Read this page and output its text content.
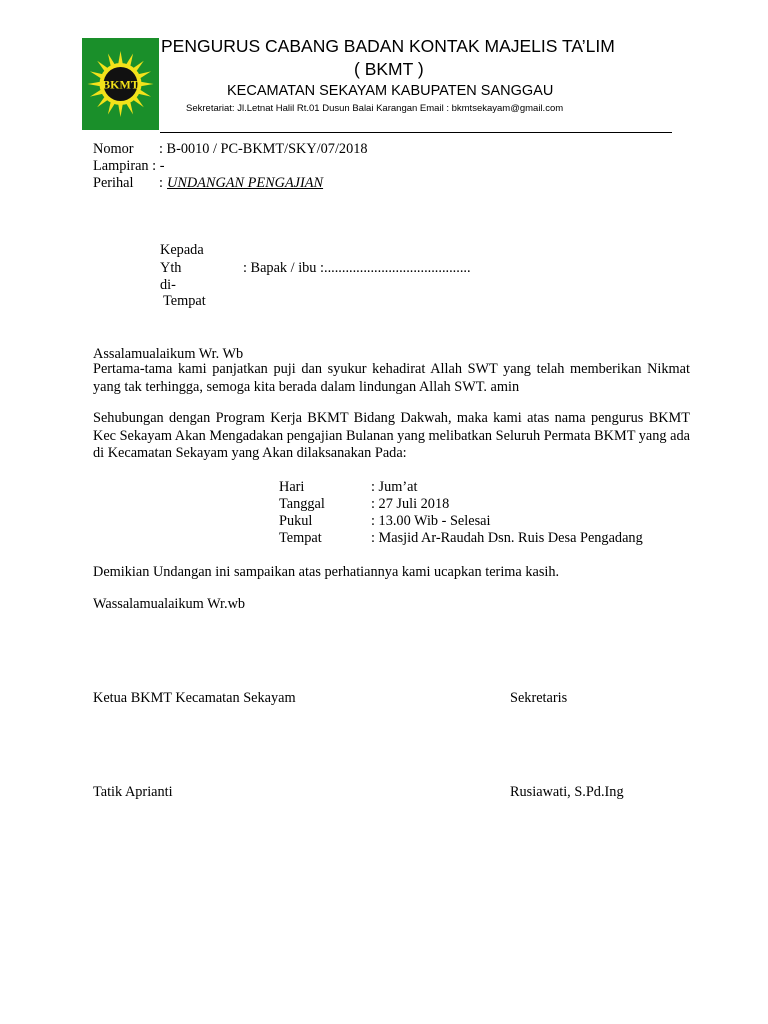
BKMT
PENGURUS CABANG BADAN KONTAK MAJELIS TA’LIM
( BKMT )
KECAMATAN SEKAYAM KABUPATEN SANGGAU
Sekretariat: Jl.Letnat Halil Rt.01 Dusun Balai Karangan Email : bkmtsekayam@gmail.com
Nomor : B-0010 / PC-BKMT/SKY/07/2018
Lampiran : -
Perihal : UNDANGAN PENGAJIAN
Kepada
Yth	: Bapak / ibu :.........................................
di-
Tempat
Assalamualaikum Wr. Wb
Pertama-tama kami panjatkan puji dan syukur kehadirat Allah SWT yang telah memberikan Nikmat yang tak terhingga, semoga kita berada dalam lindungan Allah SWT. amin
Sehubungan dengan Program Kerja BKMT Bidang Dakwah, maka kami atas nama pengurus BKMT Kec Sekayam Akan Mengadakan pengajian Bulanan yang melibatkan Seluruh Permata BKMT yang ada di Kecamatan Sekayam yang Akan dilaksanakan Pada:
Hari	: Jum’at
Tanggal	: 27 Juli 2018
Pukul	: 13.00 Wib - Selesai
Tempat	: Masjid Ar-Raudah Dsn. Ruis Desa Pengadang
Demikian Undangan ini sampaikan atas perhatiannya kami ucapkan terima kasih.
Wassalamualaikum Wr.wb
Ketua BKMT Kecamatan Sekayam	Sekretaris
Tatik Aprianti	Rusiawati, S.Pd.Ing
